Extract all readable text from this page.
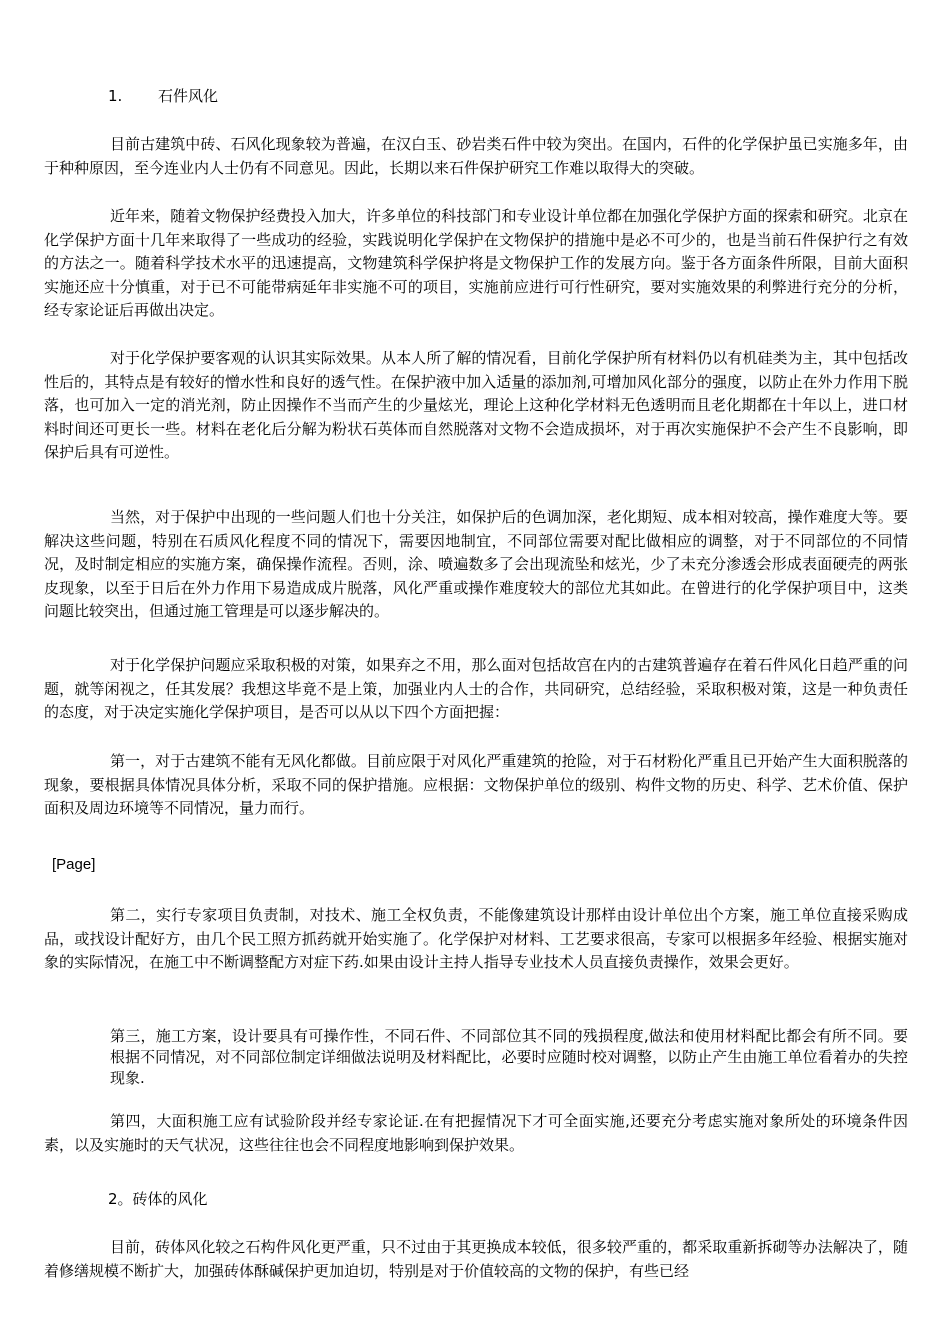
1. 石件风化

目前古建筑中砖、石风化现象较为普遍，在汉白玉、砂岩类石件中较为突出。在国内，石件的化学保护虽已实施多年，由于种种原因，至今连业内人士仍有不同意见。因此，长期以来石件保护研究工作难以取得大的突破。

近年来，随着文物保护经费投入加大，许多单位的科技部门和专业设计单位都在加强化学保护方面的探索和研究。北京在化学保护方面十几年来取得了一些成功的经验，实践说明化学保护在文物保护的措施中是必不可少的，也是当前石件保护行之有效的方法之一。随着科学技术水平的迅速提高，文物建筑科学保护将是文物保护工作的发展方向。鉴于各方面条件所限，目前大面积实施还应十分慎重，对于已不可能带病延年非实施不可的项目，实施前应进行可行性研究，要对实施效果的利弊进行充分的分析，经专家论证后再做出决定。

对于化学保护要客观的认识其实际效果。从本人所了解的情况看，目前化学保护所有材料仍以有机硅类为主，其中包括改性后的，其特点是有较好的憎水性和良好的透气性。在保护液中加入适量的添加剂,可增加风化部分的强度，以防止在外力作用下脱落，也可加入一定的消光剂，防止因操作不当而产生的少量炫光，理论上这种化学材料无色透明而且老化期都在十年以上，进口材料时间还可更长一些。材料在老化后分解为粉状石英体而自然脱落对文物不会造成损坏，对于再次实施保护不会产生不良影响，即保护后具有可逆性。

当然，对于保护中出现的一些问题人们也十分关注，如保护后的色调加深，老化期短、成本相对较高，操作难度大等。要解决这些问题，特别在石质风化程度不同的情况下，需要因地制宜，不同部位需要对配比做相应的调整，对于不同部位的不同情况，及时制定相应的实施方案，确保操作流程。否则，涂、喷遍数多了会出现流坠和炫光，少了未充分渗透会形成表面硬壳的两张皮现象，以至于日后在外力作用下易造成成片脱落，风化严重或操作难度较大的部位尤其如此。在曾进行的化学保护项目中，这类问题比较突出，但通过施工管理是可以逐步解决的。

对于化学保护问题应采取积极的对策，如果弃之不用，那么面对包括故宫在内的古建筑普遍存在着石件风化日趋严重的问题，就等闲视之，任其发展？我想这毕竟不是上策，加强业内人士的合作，共同研究，总结经验，采取积极对策，这是一种负责任的态度，对于决定实施化学保护项目，是否可以从以下四个方面把握：

第一，对于古建筑不能有无风化都做。目前应限于对风化严重建筑的抢险，对于石材粉化严重且已开始产生大面积脱落的现象，要根据具体情况具体分析，采取不同的保护措施。应根据：文物保护单位的级别、构件文物的历史、科学、艺术价值、保护面积及周边环境等不同情况，量力而行。

[Page]

第二，实行专家项目负责制，对技术、施工全权负责，不能像建筑设计那样由设计单位出个方案，施工单位直接采购成品，或找设计配好方，由几个民工照方抓药就开始实施了。化学保护对材料、工艺要求很高，专家可以根据多年经验、根据实施对象的实际情况，在施工中不断调整配方对症下药.如果由设计主持人指导专业技术人员直接负责操作，效果会更好。

第三，施工方案，设计要具有可操作性，不同石件、不同部位其不同的残损程度,做法和使用材料配比都会有所不同。要根据不同情况，对不同部位制定详细做法说明及材料配比，必要时应随时校对调整，以防止产生由施工单位看着办的失控现象.

第四，大面积施工应有试验阶段并经专家论证.在有把握情况下才可全面实施,还要充分考虑实施对象所处的环境条件因素，以及实施时的天气状况，这些往往也会不同程度地影响到保护效果。

2。砖体的风化

目前，砖体风化较之石构件风化更严重，只不过由于其更换成本较低，很多较严重的，都采取重新拆砌等办法解决了，随着修缮规模不断扩大，加强砖体酥碱保护更加迫切，特别是对于价值较高的文物的保护，有些已经
